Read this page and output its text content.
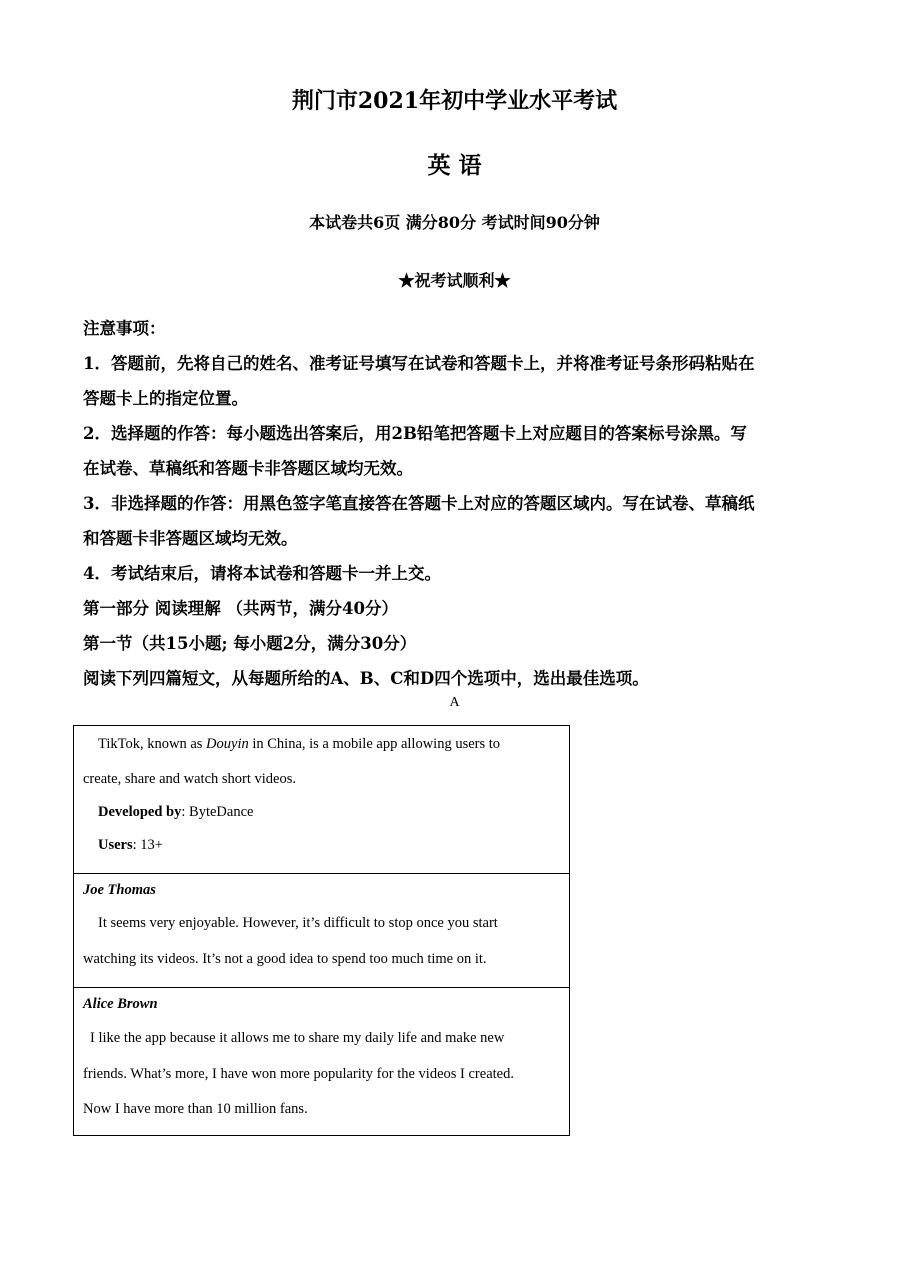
荆门市2021年初中学业水平考试
英 语
本试卷共6页 满分80分 考试时间90分钟
★祝考试顺利★

注意事项：

1．答题前，先将自己的姓名、准考证号填写在试卷和答题卡上，并将准考证号条形码粘贴在

答题卡上的指定位置。

2．选择题的作答：每小题选出答案后，用2B铅笔把答题卡上对应题目的答案标号涂黑。写

在试卷、草稿纸和答题卡非答题区域均无效。

3．非选择题的作答：用黑色签字笔直接答在答题卡上对应的答题区域内。写在试卷、草稿纸

和答题卡非答题区域均无效。

4．考试结束后，请将本试卷和答题卡一并上交。

第一部分 阅读理解 （共两节，满分40分）

第一节（共15小题; 每小题2分，满分30分）

阅读下列四篇短文，从每题所给的A、B、C和D四个选项中，选出最佳选项。

A
TikTok, known as Douyin in China, is a mobile app allowing users to
create, share and watch short videos.
Developed by: ByteDance
Users: 13+
Joe Thomas
It seems very enjoyable. However, it’s difficult to stop once you start
watching its videos. It’s not a good idea to spend too much time on it.
Alice Brown
I like the app because it allows me to share my daily life and make new
friends. What’s more, I have won more popularity for the videos I created.
Now I have more than 10 million fans.
